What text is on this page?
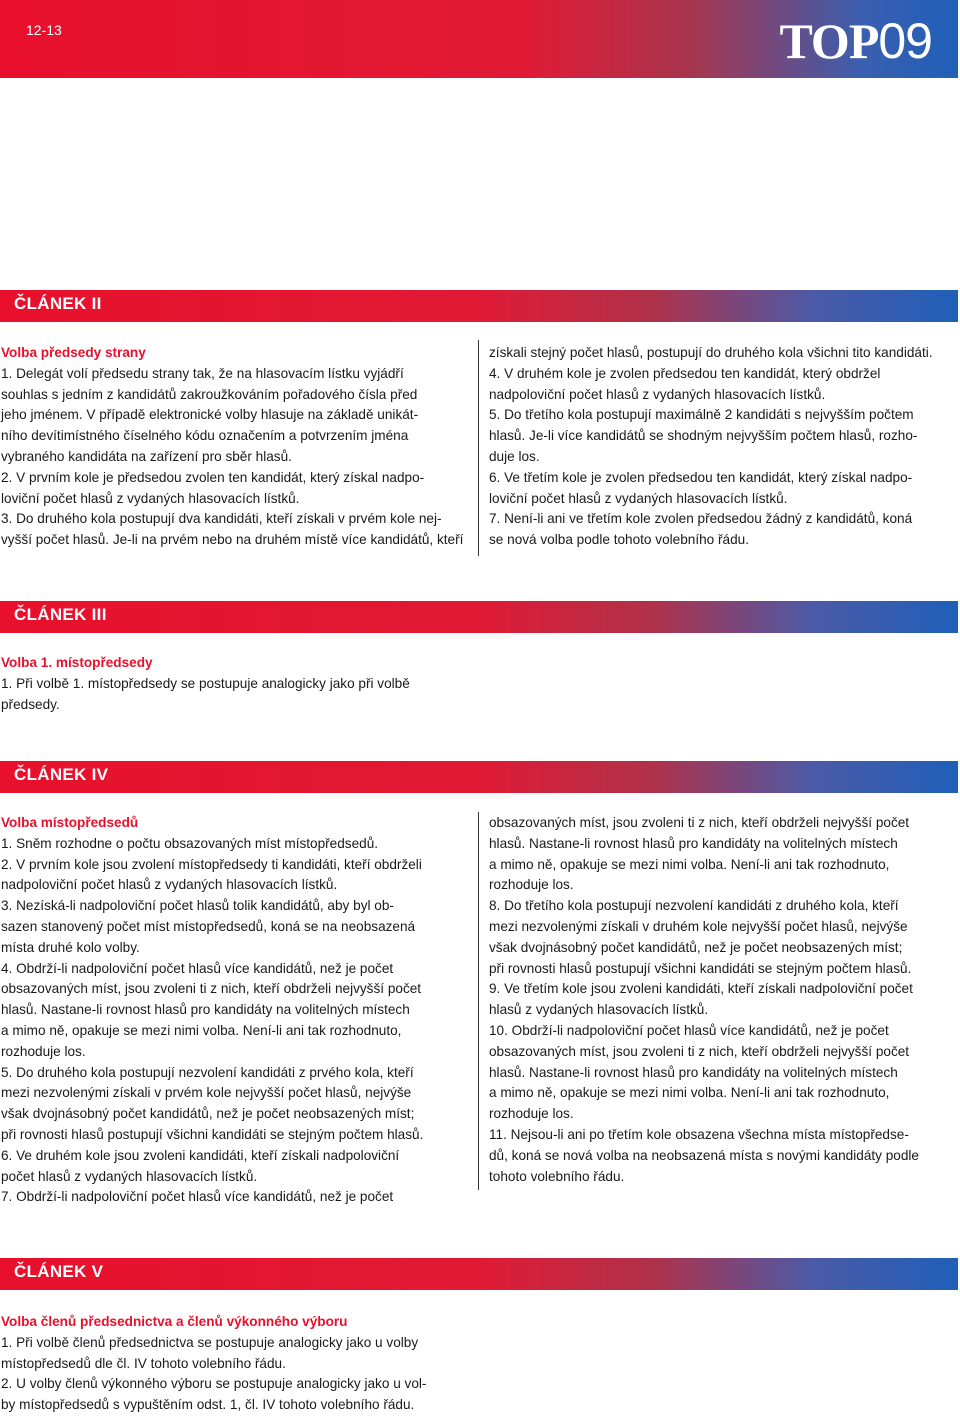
12-13	TOP09
ČLÁNEK II

Volba předsedy strany

1. Delegát volí předsedu strany tak, že na hlasovacím lístku vyjádří

souhlas s jedním z kandidátů zakroužkováním pořadového čísla před

jeho jménem. V případě elektronické volby hlasuje na základě unikát-

ního devítimístného číselného kódu označením a potvrzením jména

vybraného kandidáta na zařízení pro sběr hlasů.

2. V prvním kole je předsedou zvolen ten kandidát, který získal nadpo-

loviční počet hlasů z vydaných hlasovacích lístků.

3. Do druhého kola postupují dva kandidáti, kteří získali v prvém kole nej-

vyšší počet hlasů. Je-li na prvém nebo na druhém místě více kandidátů, kteří

získali stejný počet hlasů, postupují do druhého kola všichni tito kandidáti.

4. V druhém kole je zvolen předsedou ten kandidát, který obdržel

nadpoloviční počet hlasů z vydaných hlasovacích lístků.

5. Do třetího kola postupují maximálně 2 kandidáti s nejvyšším počtem

hlasů. Je-li více kandidátů se shodným nejvyšším počtem hlasů, rozho-

duje los.

6. Ve třetím kole je zvolen předsedou ten kandidát, který získal nadpo-

loviční počet hlasů z vydaných hlasovacích lístků.

7. Není-li ani ve třetím kole zvolen předsedou žádný z kandidátů, koná

se nová volba podle tohoto volebního řádu.

ČLÁNEK III

Volba 1. místopředsedy

1. Při volbě 1. místopředsedy se postupuje analogicky jako při volbě

předsedy.

ČLÁNEK IV

Volba místopředsedů

1. Sněm rozhodne o počtu obsazovaných míst místopředsedů.

2. V prvním kole jsou zvolení místopředsedy ti kandidáti, kteří obdrželi

nadpoloviční počet hlasů z vydaných hlasovacích lístků.

3. Nezíská-li nadpoloviční počet hlasů tolik kandidátů, aby byl ob-

sazen stanovený počet míst místopředsedů, koná se na neobsazená

místa druhé kolo volby.

4. Obdrží-li nadpoloviční počet hlasů více kandidátů, než je počet

obsazovaných míst, jsou zvoleni ti z nich, kteří obdrželi nejvyšší počet

hlasů. Nastane-li rovnost hlasů pro kandidáty na volitelných místech

a mimo ně, opakuje se mezi nimi volba. Není-li ani tak rozhodnuto,

rozhoduje los.

5. Do druhého kola postupují nezvolení kandidáti z prvého kola, kteří

mezi nezvolenými získali v prvém kole nejvyšší počet hlasů, nejvýše

však dvojnásobný počet kandidátů, než je počet neobsazených míst;

při rovnosti hlasů postupují všichni kandidáti se stejným počtem hlasů.

6. Ve druhém kole jsou zvoleni kandidáti, kteří získali nadpoloviční

počet hlasů z vydaných hlasovacích lístků.

7. Obdrží-li nadpoloviční počet hlasů více kandidátů, než je počet

obsazovaných míst, jsou zvoleni ti z nich, kteří obdrželi nejvyšší počet

hlasů. Nastane-li rovnost hlasů pro kandidáty na volitelných místech

a mimo ně, opakuje se mezi nimi volba. Není-li ani tak rozhodnuto,

rozhoduje los.

8. Do třetího kola postupují nezvolení kandidáti z druhého kola, kteří

mezi nezvolenými získali v druhém kole nejvyšší počet hlasů, nejvýše

však dvojnásobný počet kandidátů, než je počet neobsazených míst;

při rovnosti hlasů postupují všichni kandidáti se stejným počtem hlasů.

9. Ve třetím kole jsou zvoleni kandidáti, kteří získali nadpoloviční počet

hlasů z vydaných hlasovacích lístků.

10. Obdrží-li nadpoloviční počet hlasů více kandidátů, než je počet

obsazovaných míst, jsou zvoleni ti z nich, kteří obdrželi nejvyšší počet

hlasů. Nastane-li rovnost hlasů pro kandidáty na volitelných místech

a mimo ně, opakuje se mezi nimi volba. Není-li ani tak rozhodnuto,

rozhoduje los.

11. Nejsou-li ani po třetím kole obsazena všechna místa místopředse-

dů, koná se nová volba na neobsazená místa s novými kandidáty podle

tohoto volebního řádu.

ČLÁNEK V

Volba členů předsednictva a členů výkonného výboru

1. Při volbě členů předsednictva se postupuje analogicky jako u volby

místopředsedů dle čl. IV tohoto volebního řádu.

2. U volby členů výkonného výboru se postupuje analogicky jako u vol-

by místopředsedů s vypuštěním odst. 1, čl. IV tohoto volebního řádu.
